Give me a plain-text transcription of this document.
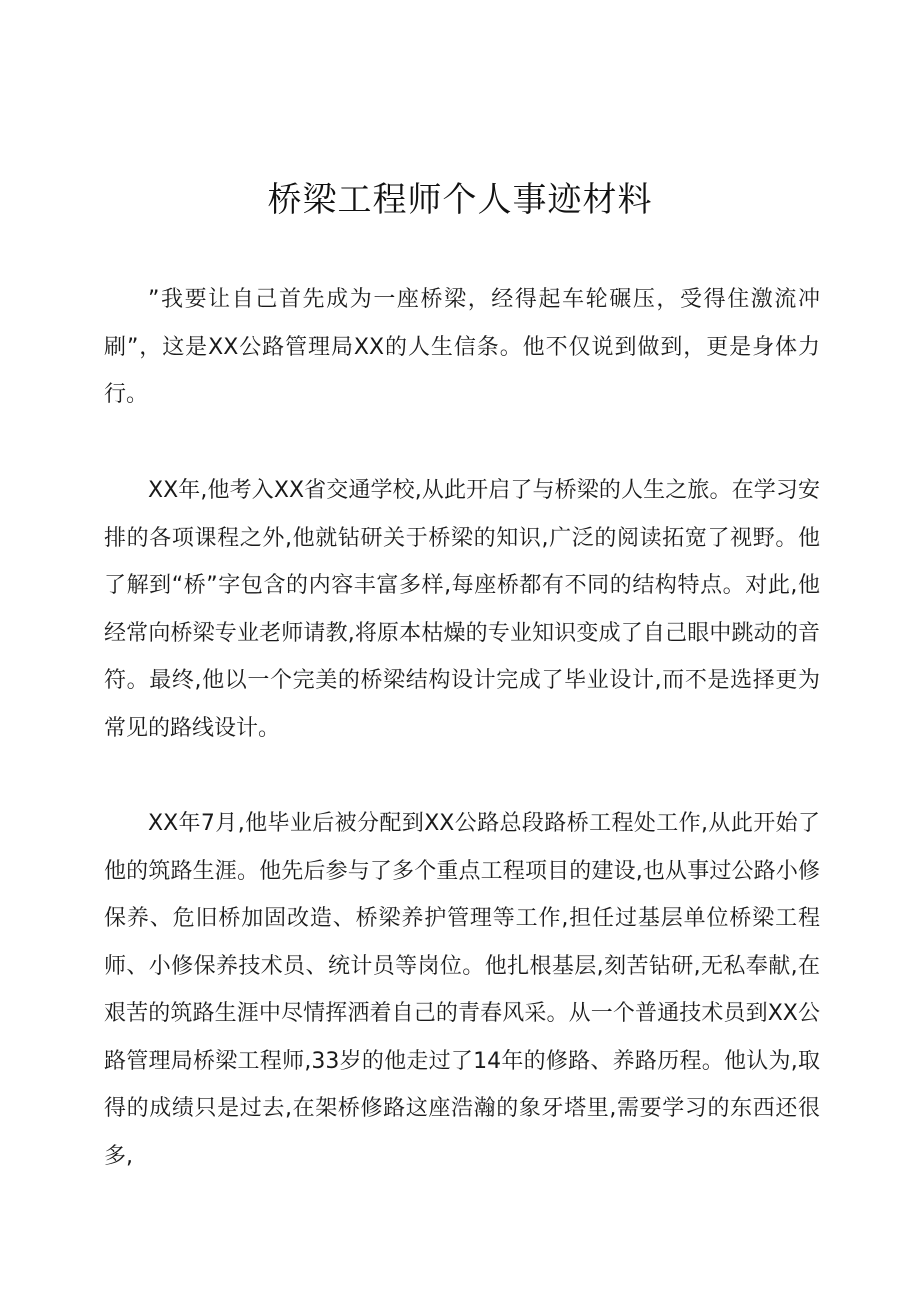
桥梁工程师个人事迹材料

”我要让自己首先成为一座桥梁，经得起车轮碾压，受得住激流冲刷”，这是XX公路管理局XX的人生信条。他不仅说到做到，更是身体力行。

XX年,他考入XX省交通学校,从此开启了与桥梁的人生之旅。在学习安排的各项课程之外,他就钻研关于桥梁的知识,广泛的阅读拓宽了视野。他了解到“桥”字包含的内容丰富多样,每座桥都有不同的结构特点。对此,他经常向桥梁专业老师请教,将原本枯燥的专业知识变成了自己眼中跳动的音符。最终,他以一个完美的桥梁结构设计完成了毕业设计,而不是选择更为常见的路线设计。

XX年7月,他毕业后被分配到XX公路总段路桥工程处工作,从此开始了他的筑路生涯。他先后参与了多个重点工程项目的建设,也从事过公路小修保养、危旧桥加固改造、桥梁养护管理等工作,担任过基层单位桥梁工程师、小修保养技术员、统计员等岗位。他扎根基层,刻苦钻研,无私奉献,在艰苦的筑路生涯中尽情挥洒着自己的青春风采。从一个普通技术员到XX公路管理局桥梁工程师,33岁的他走过了14年的修路、养路历程。他认为,取得的成绩只是过去,在架桥修路这座浩瀚的象牙塔里,需要学习的东西还很多,
